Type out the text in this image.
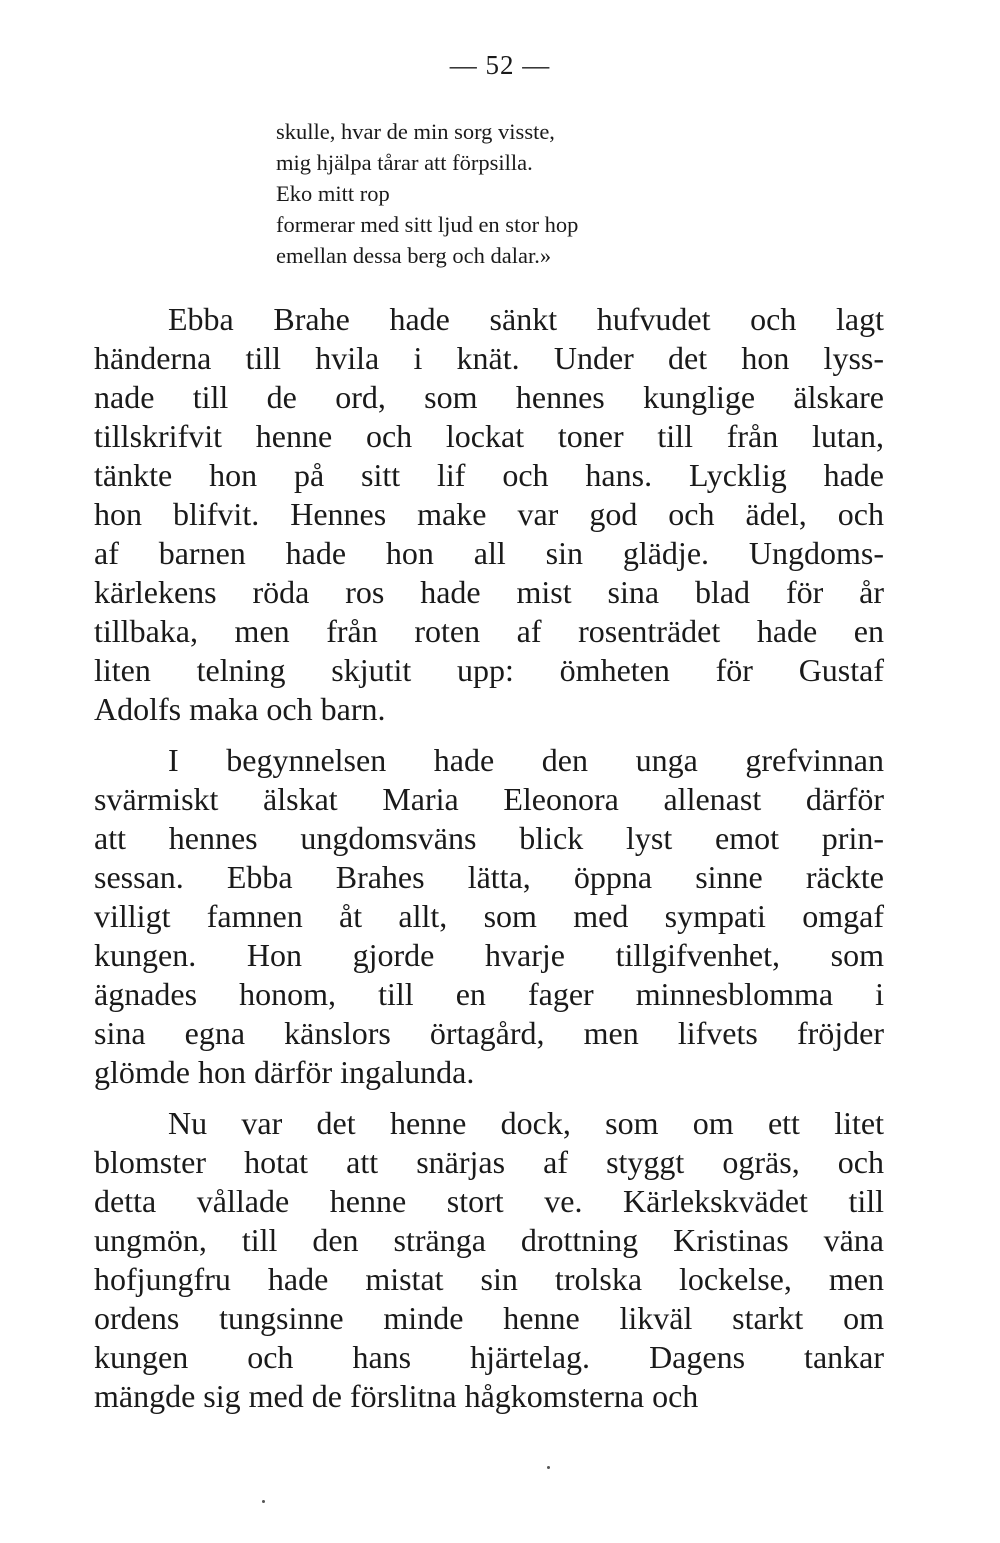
— 52 —
skulle, hvar de min sorg visste,
mig hjälpa tårar att förpsilla.
Eko mitt rop
formerar med sitt ljud en stor hop
emellan dessa berg och dalar.»
Ebba Brahe hade sänkt hufvudet och lagt
händerna till hvila i knät. Under det hon lyss-
nade till de ord, som hennes kunglige älskare
tillskrifvit henne och lockat toner till från lutan,
tänkte hon på sitt lif och hans. Lycklig hade
hon blifvit. Hennes make var god och ädel, och
af barnen hade hon all sin glädje. Ungdoms-
kärlekens röda ros hade mist sina blad för år
tillbaka, men från roten af rosenträdet hade en
liten telning skjutit upp: ömheten för Gustaf
Adolfs maka och barn.
I begynnelsen hade den unga grefvinnan
svärmiskt älskat Maria Eleonora allenast därför
att hennes ungdomsväns blick lyst emot prin-
sessan. Ebba Brahes lätta, öppna sinne räckte
villigt famnen åt allt, som med sympati omgaf
kungen. Hon gjorde hvarje tillgifvenhet, som
ägnades honom, till en fager minnesblomma i
sina egna känslors örtagård, men lifvets fröjder
glömde hon därför ingalunda.
Nu var det henne dock, som om ett litet
blomster hotat att snärjas af styggt ogräs, och
detta vållade henne stort ve. Kärlekskvädet till
ungmön, till den stränga drottning Kristinas väna
hofjungfru hade mistat sin trolska lockelse, men
ordens tungsinne minde henne likväl starkt om
kungen och hans hjärtelag. Dagens tankar
mängde sig med de förslitna hågkomsterna och
